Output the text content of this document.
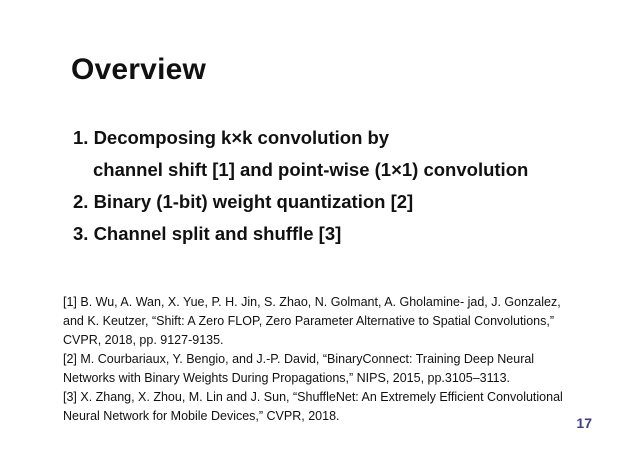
Overview
1. Decomposing k×k convolution by
channel shift [1] and point-wise (1×1) convolution
2. Binary (1-bit) weight quantization [2]
3. Channel split and shuffle [3]
[1] B. Wu, A. Wan, X. Yue, P. H. Jin, S. Zhao, N. Golmant, A. Gholamine- jad, J. Gonzalez,
and K. Keutzer, “Shift: A Zero FLOP, Zero Parameter Alternative to Spatial Convolutions,”
CVPR, 2018, pp. 9127-9135.
[2] M. Courbariaux, Y. Bengio, and J.-P. David, “BinaryConnect: Training Deep Neural
Networks with Binary Weights During Propagations,” NIPS, 2015, pp.3105–3113.
[3] X. Zhang, X. Zhou, M. Lin and J. Sun, “ShuffleNet: An Extremely Efficient Convolutional
Neural Network for Mobile Devices,” CVPR, 2018.	17
